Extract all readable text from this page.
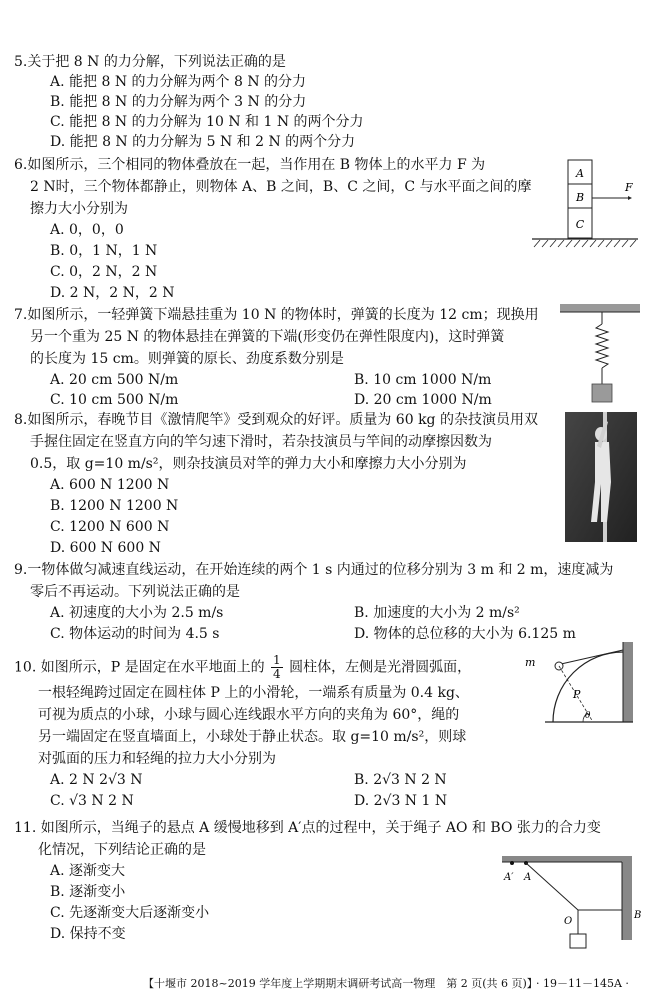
5.关于把 8 N 的力分解，下列说法正确的是
A. 能把 8 N 的力分解为两个 8 N 的分力
B. 能把 8 N 的力分解为两个 3 N 的分力
C. 能把 8 N 的力分解为 10 N 和 1 N 的两个分力
D. 能把 8 N 的力分解为 5 N 和 2 N 的两个分力
6.如图所示，三个相同的物体叠放在一起，当作用在 B 物体上的水平力 F 为
2 N时，三个物体都静止，则物体 A、B 之间，B、C 之间，C 与水平面之间的摩
擦力大小分别为
A. 0，0，0
B. 0，1 N，1 N
C. 0，2 N，2 N
D. 2 N，2 N，2 N
A
B
C
F
7.如图所示，一轻弹簧下端悬挂重为 10 N 的物体时，弹簧的长度为 12 cm；现换用
另一个重为 25 N 的物体悬挂在弹簧的下端(形变仍在弹性限度内)，这时弹簧
的长度为 15 cm。则弹簧的原长、劲度系数分别是
A. 20 cm 500 N/m	B. 10 cm 1000 N/m
C. 10 cm 500 N/m	D. 20 cm 1000 N/m
8.如图所示，春晚节目《激情爬竿》受到观众的好评。质量为 60 kg 的杂技演员用双
手握住固定在竖直方向的竿匀速下滑时，若杂技演员与竿间的动摩擦因数为
0.5，取 g=10 m/s²，则杂技演员对竿的弹力大小和摩擦力大小分别为
A. 600 N 1200 N
B. 1200 N 1200 N
C. 1200 N 600 N
D. 600 N 600 N
9.一物体做匀减速直线运动，在开始连续的两个 1 s 内通过的位移分别为 3 m 和 2 m，速度减为
零后不再运动。下列说法正确的是
A. 初速度的大小为 2.5 m/s	B. 加速度的大小为 2 m/s²
C. 物体运动的时间为 4.5 s	D. 物体的总位移的大小为 6.125 m
10. 如图所示，P 是固定在水平地面上的 $\frac{1}{4}$ 圆柱体，左侧是光滑圆弧面，
一根轻绳跨过固定在圆柱体 P 上的小滑轮，一端系有质量为 0.4 kg、
可视为质点的小球，小球与圆心连线跟水平方向的夹角为 60°，绳的
另一端固定在竖直墙面上，小球处于静止状态。取 g=10 m/s²，则球
对弧面的压力和轻绳的拉力大小分别为
A. 2 N 2√3 N	B. 2√3 N 2 N
C. √3 N 2 N	D. 2√3 N 1 N
m
P
θ
11. 如图所示，当绳子的悬点 A 缓慢地移到 A′点的过程中，关于绳子 AO 和 BO 张力的合力变
化情况，下列结论正确的是
A. 逐渐变大
B. 逐渐变小
C. 先逐渐变大后逐渐变小
D. 保持不变
A′ A
O
B
【十堰市 2018~2019 学年度上学期期末调研考试高一物理　第 2 页(共 6 页)】
· 19－11－145A ·
